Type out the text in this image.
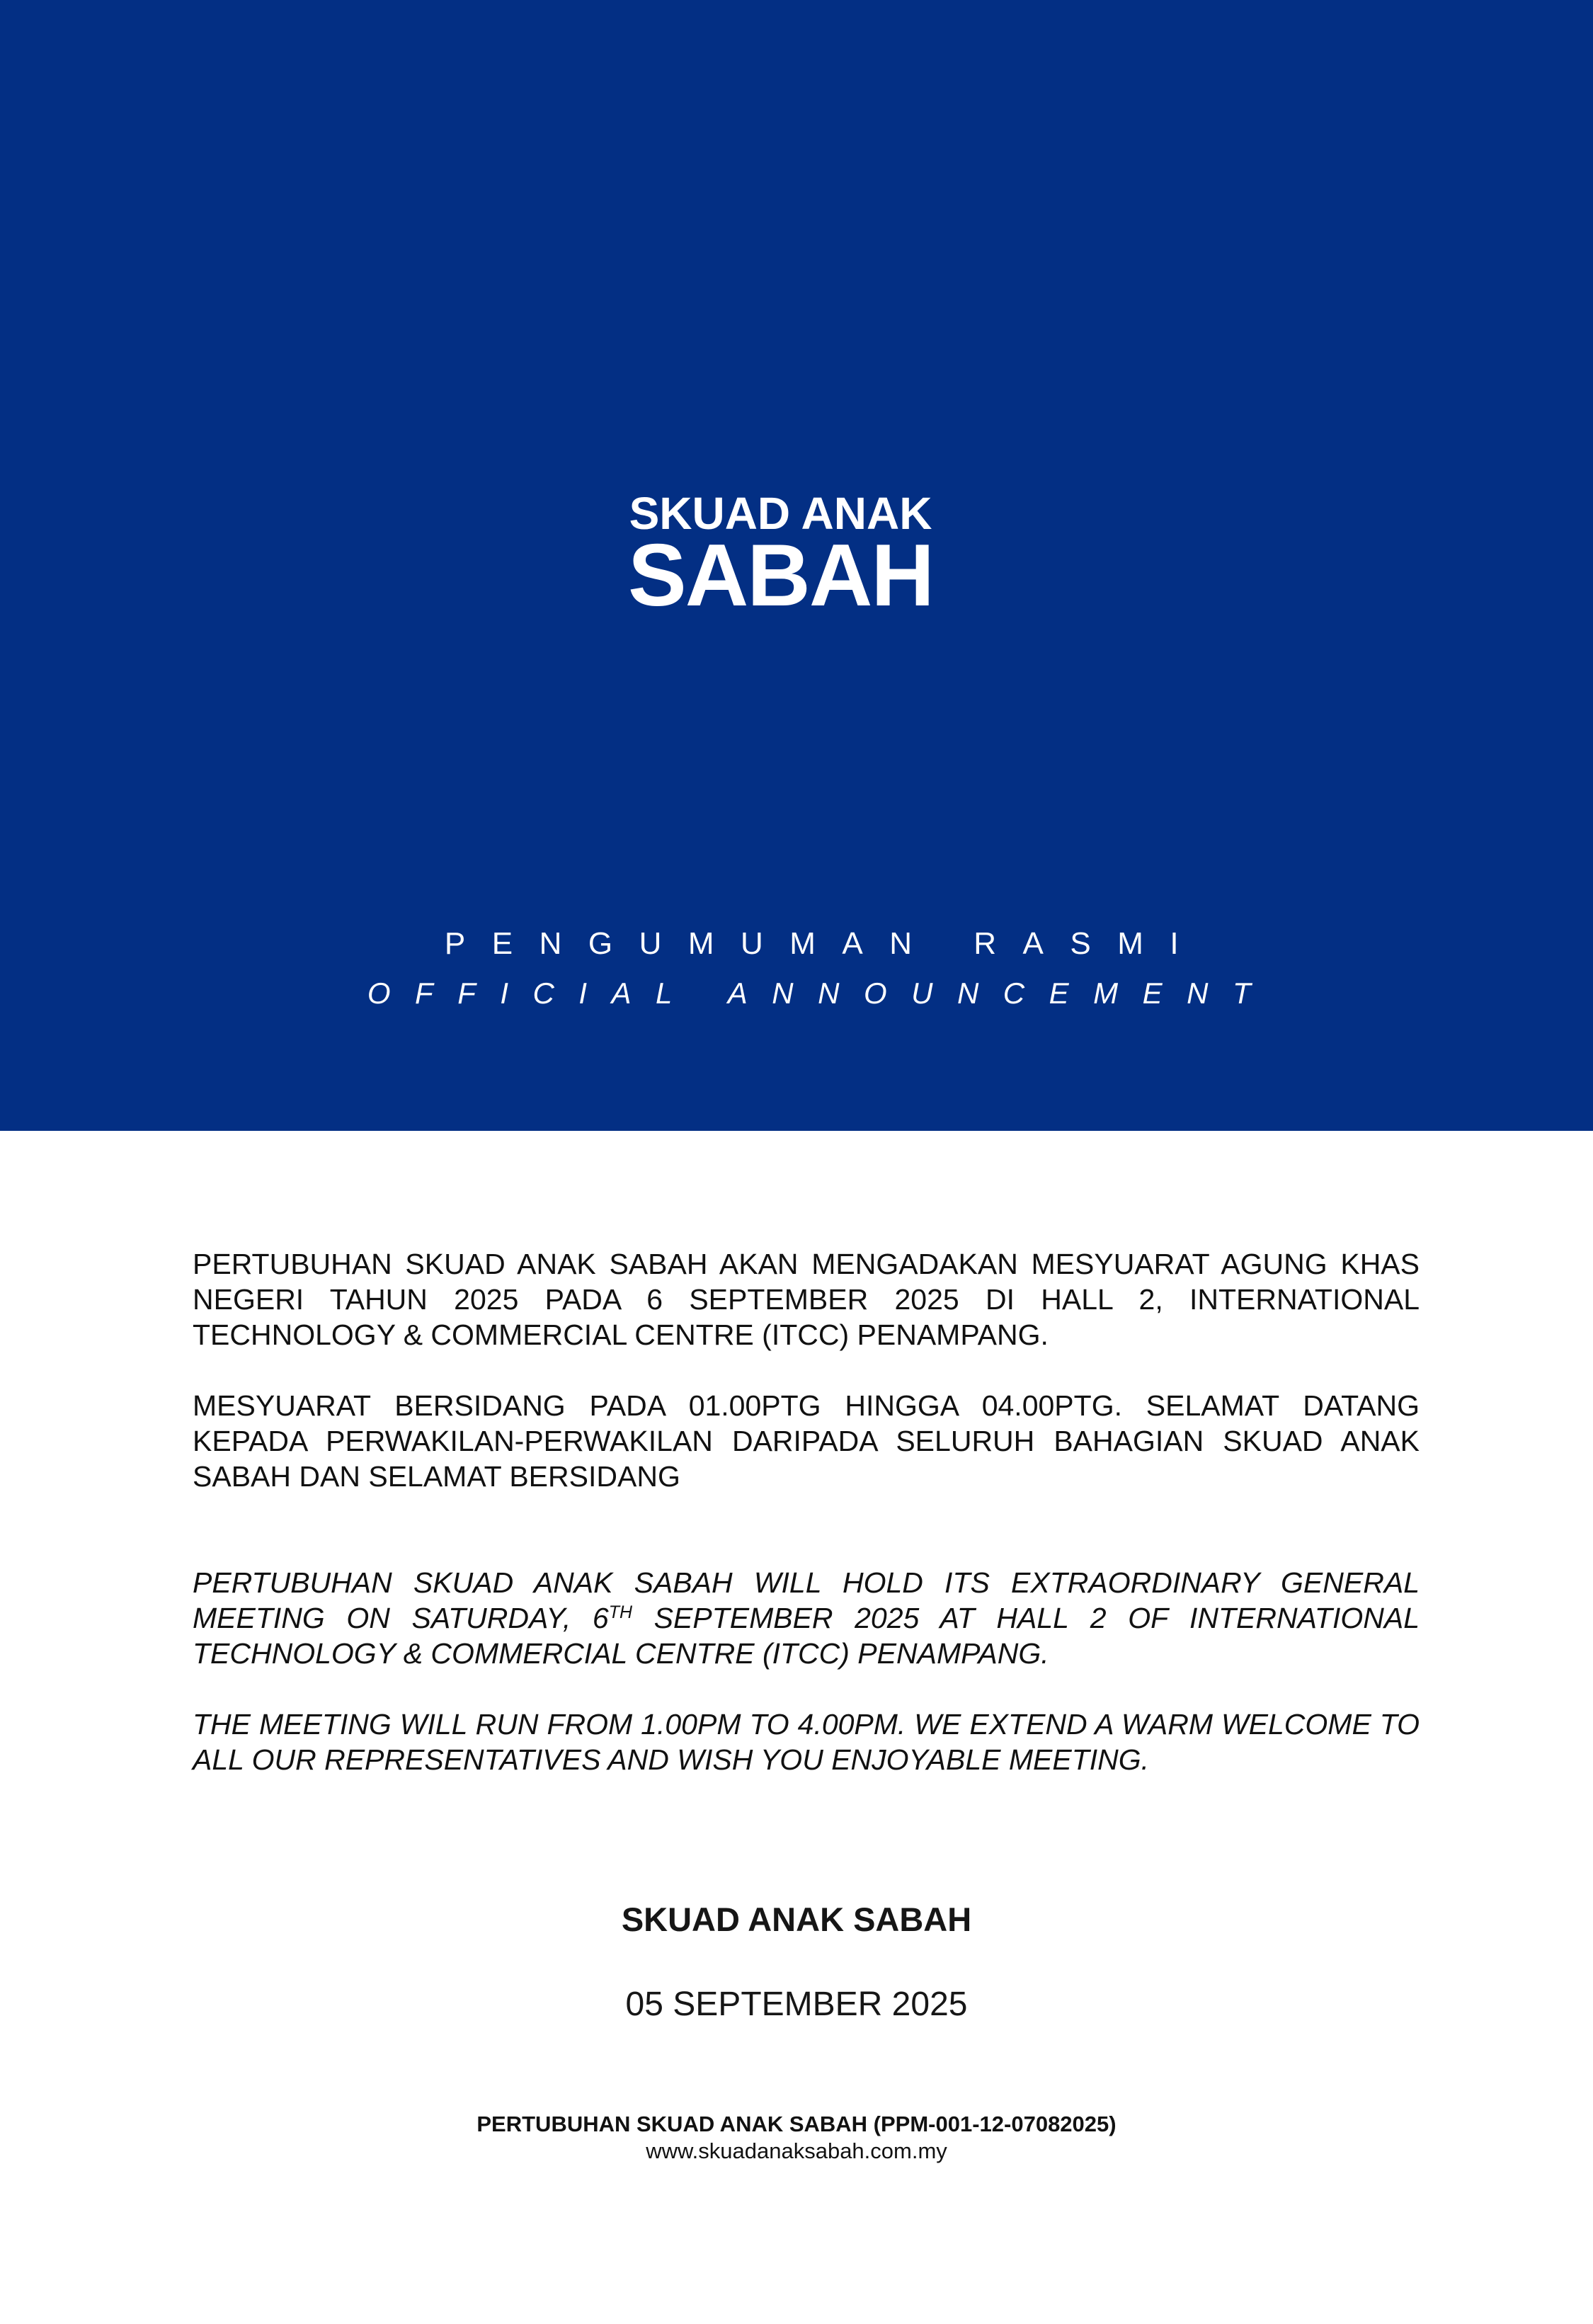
SKUAD ANAK
SABAH
PENGUMUMAN RASMI
OFFICIAL ANNOUNCEMENT

PERTUBUHAN SKUAD ANAK SABAH AKAN MENGADAKAN MESYUARAT AGUNG KHAS NEGERI TAHUN 2025 PADA 6 SEPTEMBER 2025 DI HALL 2, INTERNATIONAL TECHNOLOGY & COMMERCIAL CENTRE (ITCC) PENAMPANG.

MESYUARAT BERSIDANG PADA 01.00PTG HINGGA 04.00PTG. SELAMAT DATANG KEPADA PERWAKILAN-PERWAKILAN DARIPADA SELURUH BAHAGIAN SKUAD ANAK SABAH DAN SELAMAT BERSIDANG

PERTUBUHAN SKUAD ANAK SABAH WILL HOLD ITS EXTRAORDINARY GENERAL MEETING ON SATURDAY, 6TH SEPTEMBER 2025 AT HALL 2 OF INTERNATIONAL TECHNOLOGY & COMMERCIAL CENTRE (ITCC) PENAMPANG.

THE MEETING WILL RUN FROM 1.00PM TO 4.00PM. WE EXTEND A WARM WELCOME TO ALL OUR REPRESENTATIVES AND WISH YOU ENJOYABLE MEETING.

SKUAD ANAK SABAH
05 SEPTEMBER 2025
PERTUBUHAN SKUAD ANAK SABAH (PPM-001-12-07082025)
www.skuadanaksabah.com.my
